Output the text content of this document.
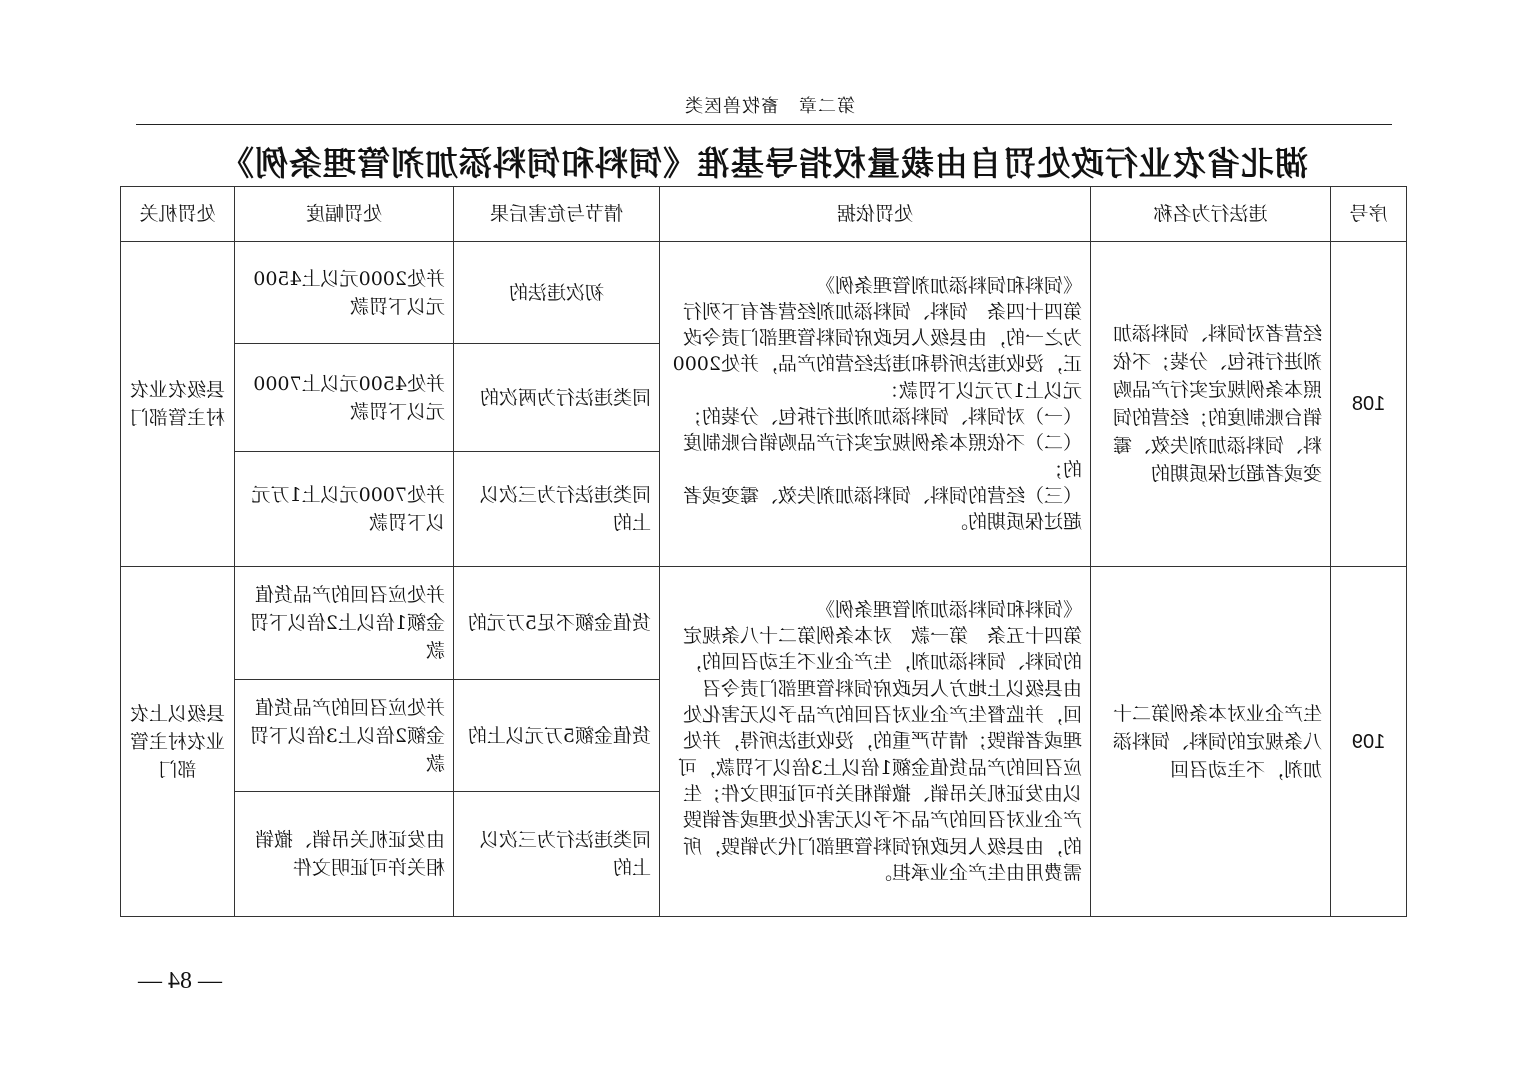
第二章　畜牧兽医类
湖北省农业行政处罚自由裁量权指导基准《饲料和饲料添加剂管理条例》
序号	违法行为名称	处罚依据	情节与危害后果	处罚幅度	处罚机关
108	经营者对饲料、饲料添加剂进行拆包、分装；不依照本条例规定实行产品购销台账制度的；经营的饲料、饲料添加剂失效、霉变或者超过保质期的	《饲料和饲料添加剂管理条例》
第四十四条　饲料、饲料添加剂经营者有下列行为之一的，由县级人民政府饲料管理部门责令改正，没收违法所得和违法经营的产品，并处2000元以上1万元以下罚款：
（一）对饲料、饲料添加剂进行拆包、分装的；
（二）不依照本条例规定实行产品购销台账制度的；
（三）经营的饲料、饲料添加剂失效、霉变或者超过保质期的。	初次违法的	并处2000元以上4500元以下罚款	县级农业农村主管部门
			同类违法行为两次的	并处4500元以上7000元以下罚款	
			同类违法行为三次以上的	并处7000元以上1万元以下罚款	
109	生产企业对本条例第二十八条规定的饲料、饲料添加剂，不主动召回	《饲料和饲料添加剂管理条例》
第四十五条　第一款　对本条例第二十八条规定的饲料、饲料添加剂，生产企业不主动召回的，由县级以上地方人民政府饲料管理部门责令召回，并监督生产企业对召回的产品予以无害化处理或者销毁；情节严重的，没收违法所得，并处应召回的产品货值金额1倍以上3倍以下罚款，可以由发证机关吊销、撤销相关许可证明文件；生产企业对召回的产品不予以无害化处理或者销毁的，由县级人民政府饲料管理部门代为销毁，所需费用由生产企业承担。	货值金额不足5万元的	并处应召回的产品货值金额1倍以上2倍以下罚款	县级以上农业农村主管部门
			货值金额5万元以上的	并处应召回的产品货值金额2倍以上3倍以下罚款	
			同类违法行为三次以上的	由发证机关吊销、撤销相关许可证明文件	
— 84 —
